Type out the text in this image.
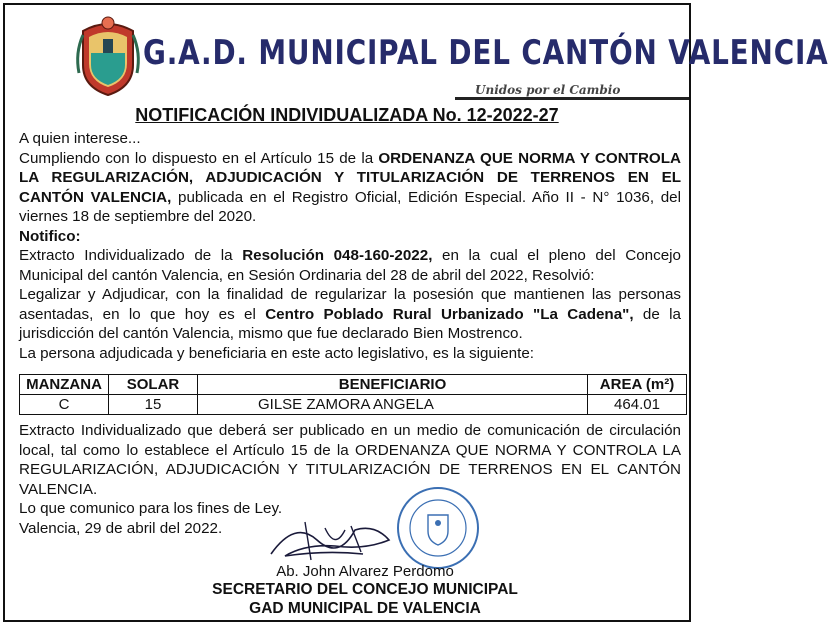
G.A.D. MUNICIPAL DEL CANTÓN VALENCIA
Unidos por el Cambio
NOTIFICACIÓN INDIVIDUALIZADA No. 12-2022-27

A quien interese...

Cumpliendo con lo dispuesto en el Artículo 15 de la ORDENANZA QUE NORMA Y CONTROLA LA REGULARIZACIÓN, ADJUDICACIÓN Y TITULARIZACIÓN DE TERRENOS EN EL CANTÓN VALENCIA, publicada en el Registro Oficial, Edición Especial. Año II - N° 1036, del viernes 18 de septiembre del 2020.

Notifico:

Extracto Individualizado de la Resolución 048-160-2022, en la cual el pleno del Concejo Municipal del cantón Valencia, en Sesión Ordinaria del 28 de abril del 2022, Resolvió:

Legalizar y Adjudicar, con la finalidad de regularizar la posesión que mantienen las personas asentadas, en lo que hoy es el Centro Poblado Rural Urbanizado "La Cadena", de la jurisdicción del cantón Valencia, mismo que fue declarado Bien Mostrenco.

La persona adjudicada y beneficiaria en este acto legislativo, es la siguiente:

MANZANA	SOLAR	BENEFICIARIO	AREA (m²)
C	15	GILSE ZAMORA ANGELA	464.01

Extracto Individualizado que deberá ser publicado en un medio de comunicación de circulación local, tal como lo establece el Artículo 15 de la ORDENANZA QUE NORMA Y CONTROLA LA REGULARIZACIÓN, ADJUDICACIÓN Y TITULARIZACIÓN DE TERRENOS EN EL CANTÓN VALENCIA.

Lo que comunico para los fines de Ley.

Valencia, 29 de abril del 2022.

Ab. John Alvarez Perdomo
SECRETARIO DEL CONCEJO MUNICIPAL
GAD MUNICIPAL DE VALENCIA
